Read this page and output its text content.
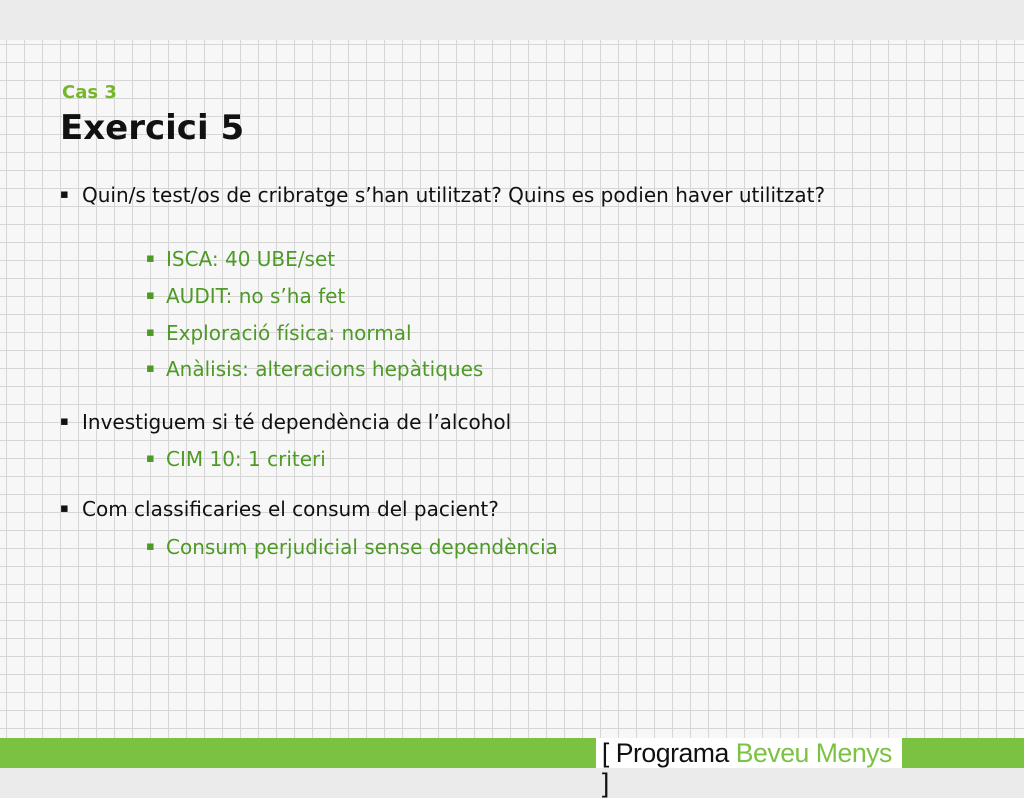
Cas 3
Exercici 5
▪ Quin/s test/os de cribratge s’han utilitzat? Quins es podien haver utilitzat?
▪ ISCA: 40 UBE/set
▪ AUDIT: no s’ha fet
▪ Exploració física: normal
▪ Anàlisis: alteracions hepàtiques
▪ Investiguem si té dependència de l’alcohol
▪ CIM 10: 1 criteri
▪ Com classificaries el consum del pacient?
▪ Consum perjudicial sense dependència
[ Programa Beveu Menys ]
